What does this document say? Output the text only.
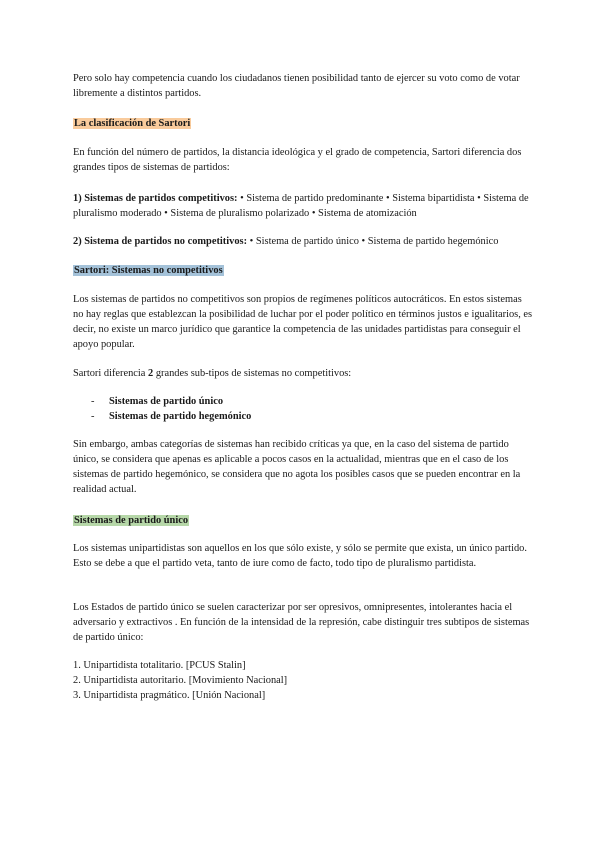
Pero solo hay competencia cuando los ciudadanos tienen posibilidad tanto de ejercer su voto como de votar libremente a distintos partidos.

La clasificación de Sartori

En función del número de partidos, la distancia ideológica y el grado de competencia, Sartori diferencia dos grandes tipos de sistemas de partidos:

1) Sistemas de partidos competitivos: • Sistema de partido predominante • Sistema bipartidista • Sistema de pluralismo moderado • Sistema de pluralismo polarizado • Sistema de atomización

2) Sistema de partidos no competitivos: • Sistema de partido único • Sistema de partido hegemónico

Sartori: Sistemas no competitivos

Los sistemas de partidos no competitivos son propios de regímenes políticos autocráticos. En estos sistemas no hay reglas que establezcan la posibilidad de luchar por el poder político en términos justos e igualitarios, es decir, no existe un marco jurídico que garantice la competencia de las unidades partidistas para conseguir el apoyo popular.

Sartori diferencia 2 grandes sub-tipos de sistemas no competitivos:

- Sistemas de partido único
- Sistemas de partido hegemónico

Sin embargo, ambas categorías de sistemas han recibido críticas ya que, en la caso del sistema de partido único, se considera que apenas es aplicable a pocos casos en la actualidad, mientras que en el caso de los sistemas de partido hegemónico, se considera que no agota los posibles casos que se pueden encontrar en la realidad actual.

Sistemas de partido único

Los sistemas unipartidistas son aquellos en los que sólo existe, y sólo se permite que exista, un único partido. Esto se debe a que el partido veta, tanto de iure como de facto, todo tipo de pluralismo partidista.

Los Estados de partido único se suelen caracterizar por ser opresivos, omnipresentes, intolerantes hacia el adversario y extractivos . En función de la intensidad de la represión, cabe distinguir tres subtipos de sistemas de partido único:

1. Unipartidista totalitario. [PCUS Stalin]
2. Unipartidista autoritario. [Movimiento Nacional]
3. Unipartidista pragmático. [Unión Nacional]
